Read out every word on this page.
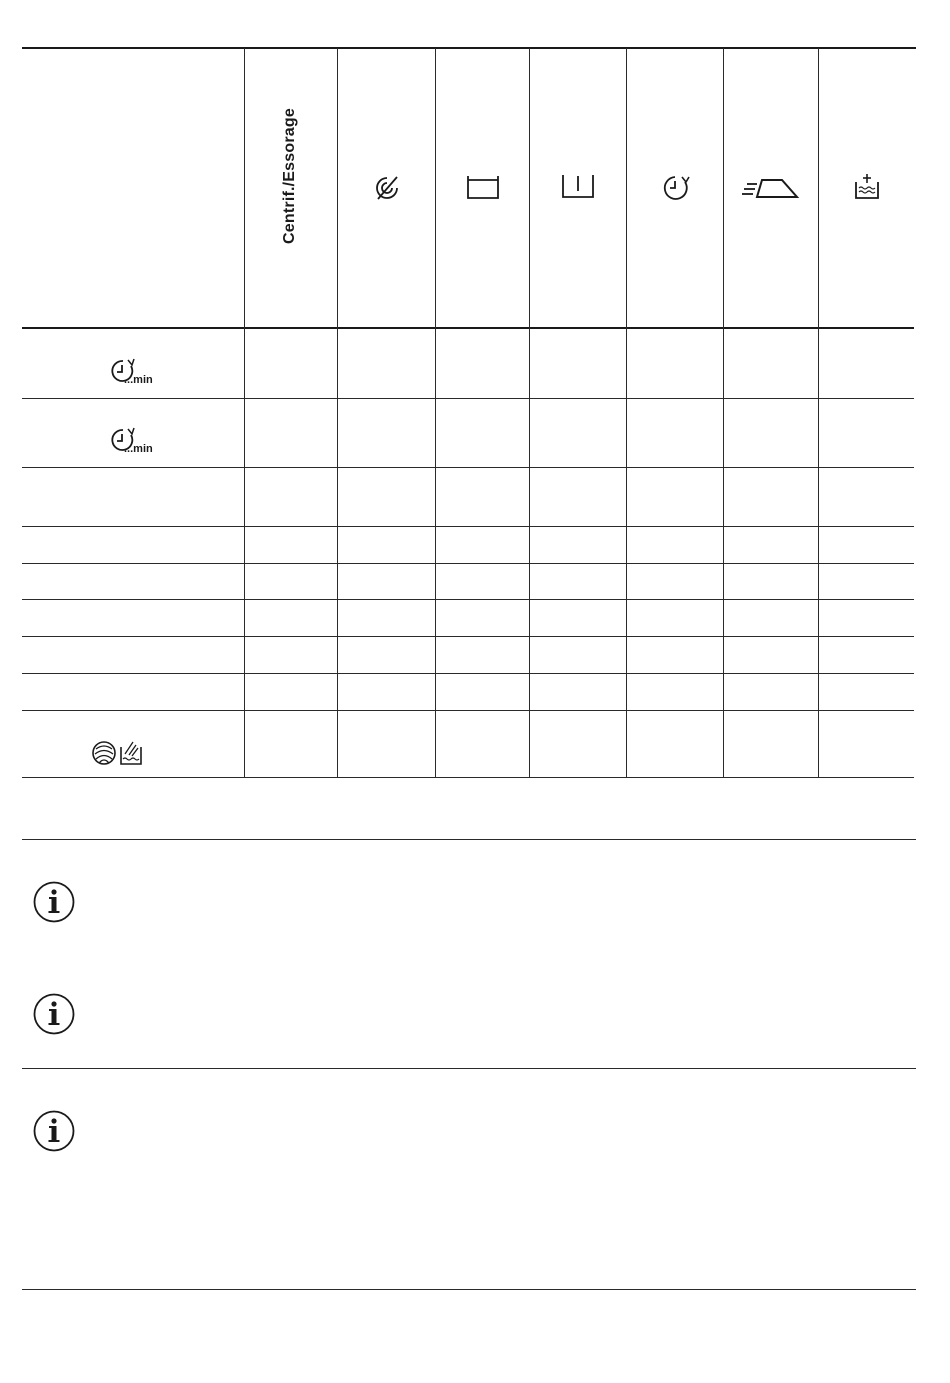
Centrif./Essorage
...min
...min
